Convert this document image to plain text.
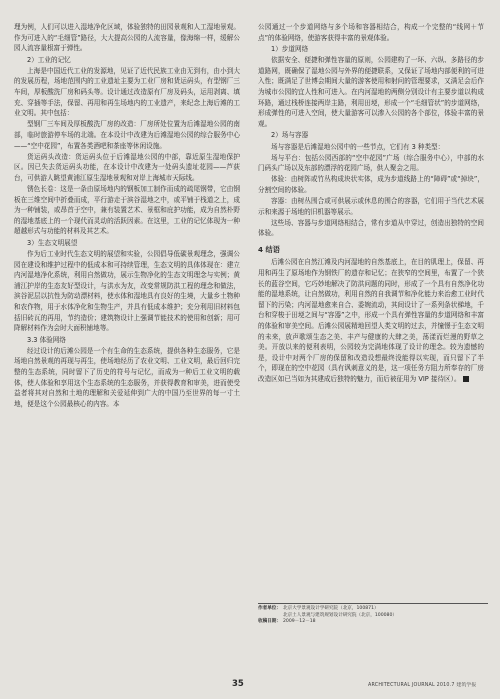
理为例，人们可以进入湿地净化区域，体验独特的田园景观和人工湿地景观。作为可进入的“毛细管”路径，大大提高公园的人流容量，像海绵一样，缓解公园人流容量根富于弹性。
2）工业的记忆
上海是中国近代工业的发源地，见证了近代民族工业由无到有，由小到大的发展历程，场地范围内的工业遗址主要为工业厂房和货运码头，有型钢厂三车间，厚板酸洗厂房和码头等。设计通过改造原有厂房及码头，运用剥离、填充、穿插等手法，保留、再用和再生场地内的工业遗产，来纪念上海后滩的工业文明。其中包括：
型钢厂三车间及厚板酸洗厂房的改造：厂房所处位置为后滩湿地公园的南部，临时旅游停车场的北端。在本设计中改建为后滩湿地公园的综合服务中心——“空中花园”，布置各类酒吧和茶座等休闲设施。
货运码头改造：货运码头位于后滩湿地公园的中部，靠近原生湿地保护区。因已失去货运码头功能，在本设计中改建为一处码头遗址花园——芦荻台，可供游人眺望黄浦江原生湿地景观和对岸上海城市天际线。
锈色长卷：这是一条由原场地内的钢板加工制作而成的疏尾钢带，它由钢板在三维空间中折叠而成，平行游走于滨谷湿地之中，或平铺于栈道之上，成为一种铺装，或昂首于空中，兼有装置艺术、景框和庇护功能，成为自然朴野的湿地基底上的一个现代而灵动的活跃因素。在这里，工业的记忆体现为一种超越形式与功能的材料及其艺术。
3）生态文明展望
作为后工业时代生态文明的展望和实验，公园倡导低碳景观理念，强调公园在建设和维护过程中的低成本和可持续管理，生态文明的具体体现在：建立内河湿地净化系统，利用自然做功，展示生物净化的生态文明理念与实例；黄浦江护岸的生态友好型设计，与洪水为友，改变常规防洪工程的理念和做法，滨谷泥层以抗性为防动漂材料，使水体和湿地具有良好的生境，大量乡土物种和农作物，用于水体净化和生物生产，并具有低成本维护；充分利用旧材料包括旧砖瓦的再用，节约造价；建筑物设计上强调节能技术的使用和创新；用可降解材料作为会时大面积铺地等。
3.3 体验网络
经过设计的后滩公园是一个有生命的生态系统，提供各种生态服务，它是场地自然景观的再现与再生，使场地经历了农业文明、工业文明，最后回归完整的生态系统，同时留下了历史的符号与记忆，而成为一种后工业文明的载体，使人体验和享用这个生态系统的生态服务，并获得教育和审美，进而使受益者将其对自然和土地的理解和关爱延伸到广大的中国乃至世界的每一寸土地，便是这个公园最核心的内容。本
公园通过一个步道网络与多个场和容器相结合，构成一个完整的“线网＋节点”的体验网络，使游客获得丰富的景观体验。
1）步道网络
依据安全、便捷和弹性容量的原则，公园建构了一环、六纵、多路径的步道路网，既确保了湿地公园与外界的便捷联系，又保证了场地内部便利的可进入性；既满足了世博会期间大量的游客使用和射问的管理要求，又满足会后作为城市公园的宜人性和可进入。在内河湿地的两侧分别设计有主要步道以构成环路，通过栈桥连接两岸主路，利用田埂，形成一个“毛细管状”的步道网络，形成弹性的可进入空间，使大量游客可以渗入公园的各个部位，体验丰富的景观。
2）场与容器
场与容器是后滩湿地公园中的一些节点，它们有 3 种类型：
场与平台：包括公园西部的“空中花园”广场（综合服务中心），中部的水门码头广场以及东部的漂浮的花园广场，供人聚会之用。
体验：由树阵或竹丛构成块状实体，成为步道线路上的“障碍”或“掉块”，分割空间的体验。
容器：由树丛围合或可供展示或休息的围合的容器，它们用于当代艺术展示和来源于场地的旧机器等展示。
这些场、容器与步道网络相结合，常有步道从中穿过，创造出独特的空间体验。
4 结语
后滩公园在自然江滩及内河湿地的自然基底上，在目的肌理上，保留、再用和再生了原场地作为钢铁厂的遗存和记忆；在狭窄的空间里，布置了一个狭长的蓝谷空间，它巧妙地解决了防洪问题的同时，形成了一个具有自然净化功能的湿地系统，让自然做功，利用自然的自我调节和净化能力来治愈工业时代留下的污染；内河湿地愈来自合、委婉流动，其间设计了一系列条状梯地，千台和穿梭于田埂之间与“容器”之中，形成一个具有弹性容量的步道网络和丰富的体验和审美空间。后滩公园展精地回望人类文明的过去，并憧憬于生态文明的未来，放声歌颂生态之美、丰产与健康的大肆之美，荡漾而烂漫的野草之美。开放以来的便利表明，公园较为完满地体现了设计的理念。较为遗憾的是，设计中对两个厂房的保留和改造设想最终没能得以实现，而只留下了半个，即现在的空中花园（具有讽刺意义的是，这一项任务方阻力所奉存的厂房改造区如已当如为其建成后独特的魅力，而后被征用为 VIP 接待区）。
作者单位： 北京大学景观设计学研究院（北京，100871）
北京土人景观与建筑规划设计研究院（北京，100080）
收稿日期： 2009－12－18
35	ARCHITECTURAL JOURNAL 2010.7 建筑学报
